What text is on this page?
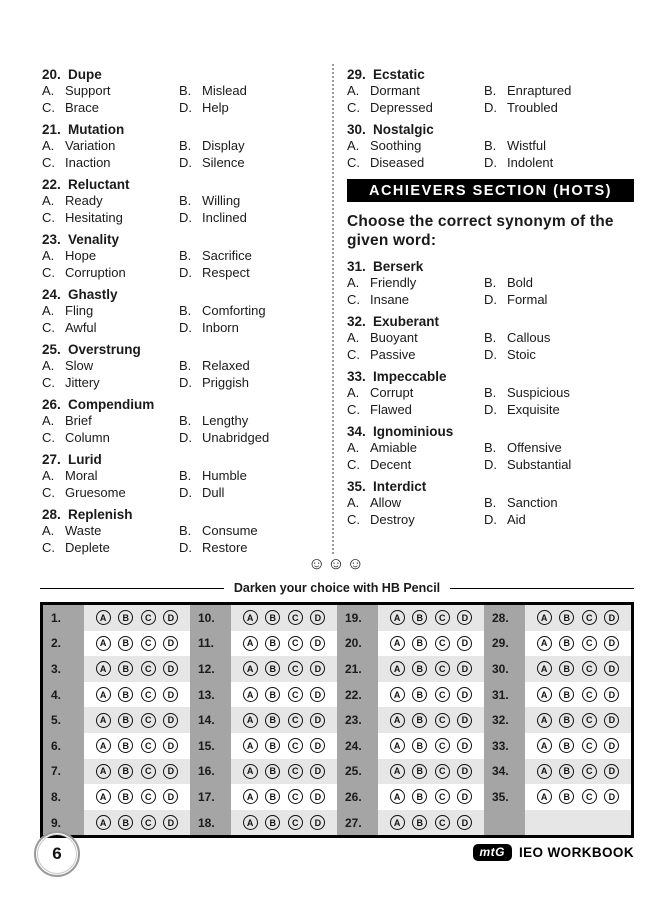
20. Dupe
A. Support	B. Mislead
C. Brace	D. Help
21. Mutation
A. Variation	B. Display
C. Inaction	D. Silence
22. Reluctant
A. Ready	B. Willing
C. Hesitating	D. Inclined
23. Venality
A. Hope	B. Sacrifice
C. Corruption	D. Respect
24. Ghastly
A. Fling	B. Comforting
C. Awful	D. Inborn
25. Overstrung
A. Slow	B. Relaxed
C. Jittery	D. Priggish
26. Compendium
A. Brief	B. Lengthy
C. Column	D. Unabridged
27. Lurid
A. Moral	B. Humble
C. Gruesome	D. Dull
28. Replenish
A. Waste	B. Consume
C. Deplete	D. Restore
29. Ecstatic
A. Dormant	B. Enraptured
C. Depressed	D. Troubled
30. Nostalgic
A. Soothing	B. Wistful
C. Diseased	D. Indolent
ACHIEVERS SECTION (HOTS)
Choose the correct synonym of the given word:
31. Berserk
A. Friendly	B. Bold
C. Insane	D. Formal
32. Exuberant
A. Buoyant	B. Callous
C. Passive	D. Stoic
33. Impeccable
A. Corrupt	B. Suspicious
C. Flawed	D. Exquisite
34. Ignominious
A. Amiable	B. Offensive
C. Decent	D. Substantial
35. Interdict
A. Allow	B. Sanction
C. Destroy	D. Aid
☺☺☺
Darken your choice with HB Pencil
1.	A	B	C	D	10.	A	B	C	D	19.	A	B	C	D	28.	A	B	C	D
2.	A	B	C	D	11.	A	B	C	D	20.	A	B	C	D	29.	A	B	C	D
3.	A	B	C	D	12.	A	B	C	D	21.	A	B	C	D	30.	A	B	C	D
4.	A	B	C	D	13.	A	B	C	D	22.	A	B	C	D	31.	A	B	C	D
5.	A	B	C	D	14.	A	B	C	D	23.	A	B	C	D	32.	A	B	C	D
6.	A	B	C	D	15.	A	B	C	D	24.	A	B	C	D	33.	A	B	C	D
7.	A	B	C	D	16.	A	B	C	D	25.	A	B	C	D	34.	A	B	C	D
8.	A	B	C	D	17.	A	B	C	D	26.	A	B	C	D	35.	A	B	C	D
9.	A	B	C	D	18.	A	B	C	D	27.	A	B	C	D
6	mtG	IEO WORKBOOK
